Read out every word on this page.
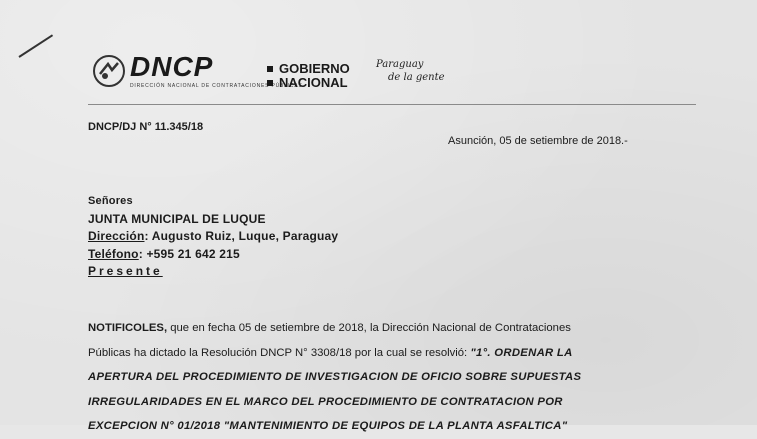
DNCP
DIRECCIÓN NACIONAL DE CONTRATACIONES PÚBLICAS
GOBIERNO
NACIONAL
Paraguay
de la gente
DNCP/DJ N° 11.345/18
Asunción, 05 de setiembre de 2018.-
Señores
JUNTA MUNICIPAL DE LUQUE
Dirección: Augusto Ruiz, Luque, Paraguay
Teléfono: +595 21 642 215
Presente
NOTIFICOLES, que en fecha 05 de setiembre de 2018, la Dirección Nacional de Contrataciones
Públicas ha dictado la Resolución DNCP N° 3308/18 por la cual se resolvió: "1°. ORDENAR LA
APERTURA DEL PROCEDIMIENTO DE INVESTIGACION DE OFICIO SOBRE SUPUESTAS
IRREGULARIDADES EN EL MARCO DEL PROCEDIMIENTO DE CONTRATACION POR
EXCEPCION N° 01/2018 "MANTENIMIENTO DE EQUIPOS DE LA PLANTA ASFALTICA"
